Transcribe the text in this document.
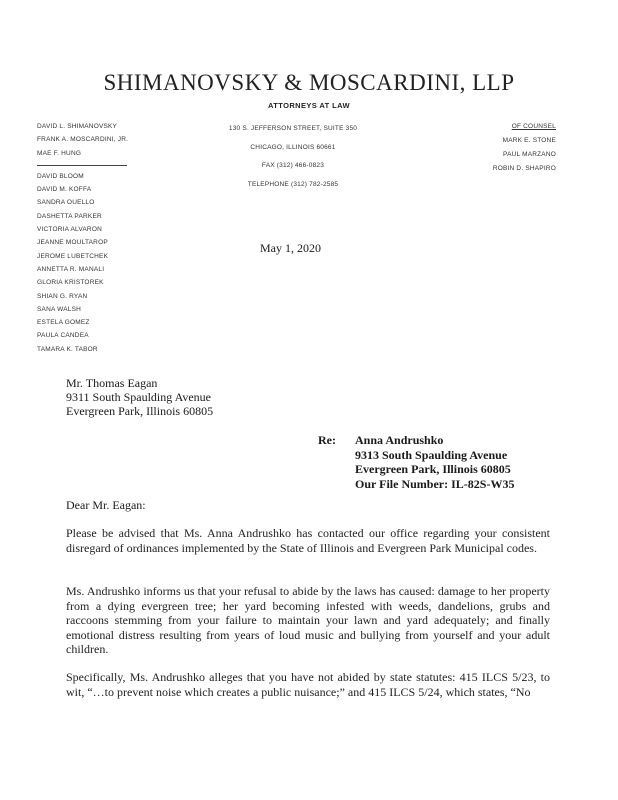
SHIMANOVSKY & MOSCARDINI, LLP
ATTORNEYS AT LAW
DAVID L. SHIMANOVSKY
FRANK A. MOSCARDINI, JR.
MAE F. HUNG
DAVID BLOOM
DAVID M. KOFFA
SANDRA OUELLO
DASHETTA PARKER
VICTORIA ALVARON
JEANNE MOULTAROP
JEROME LUBETCHEK
ANNETTA R. MANALI
GLORIA KRISTOREK
SHIAN G. RYAN
SANA WALSH
ESTELA GOMEZ
PAULA CANDEA
TAMARA K. TABOR
130 S. JEFFERSON STREET, SUITE 350
CHICAGO, ILLINOIS 60661
FAX (312) 466-0823
TELEPHONE (312) 782-2585
OF COUNSEL
MARK E. STONE
PAUL MARZANO
ROBIN D. SHAPIRO
May 1, 2020
Mr. Thomas Eagan
9311 South Spaulding Avenue
Evergreen Park, Illinois 60805
Re: Anna Andrushko
9313 South Spaulding Avenue
Evergreen Park, Illinois 60805
Our File Number: IL-82S-W35
Dear Mr. Eagan:
Please be advised that Ms. Anna Andrushko has contacted our office regarding your consistent disregard of ordinances implemented by the State of Illinois and Evergreen Park Municipal codes.
Ms. Andrushko informs us that your refusal to abide by the laws has caused: damage to her property from a dying evergreen tree; her yard becoming infested with weeds, dandelions, grubs and raccoons stemming from your failure to maintain your lawn and yard adequately; and finally emotional distress resulting from years of loud music and bullying from yourself and your adult children.
Specifically, Ms. Andrushko alleges that you have not abided by state statutes: 415 ILCS 5/23, to wit, “…to prevent noise which creates a public nuisance;” and 415 ILCS 5/24, which states, “No
